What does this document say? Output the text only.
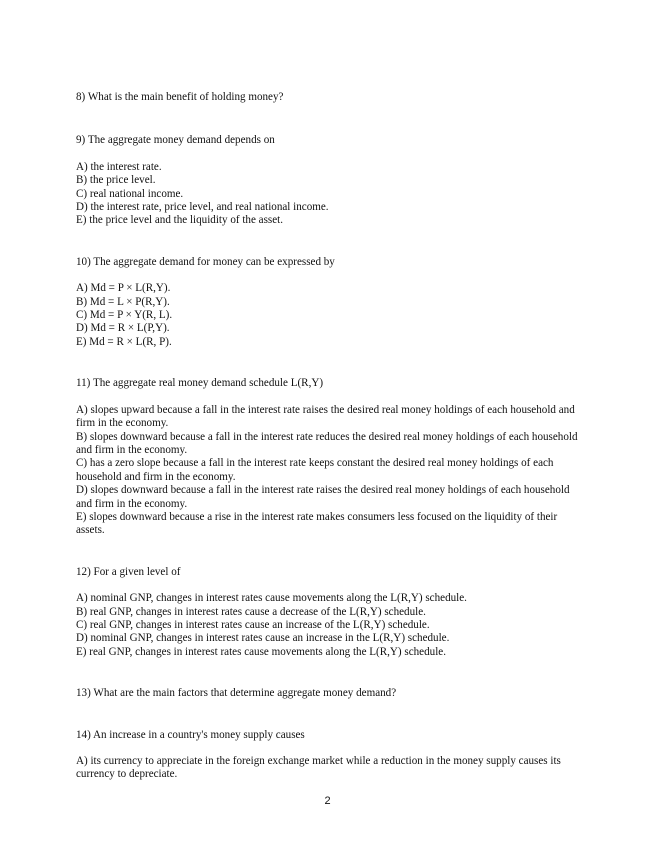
8) What is the main benefit of holding money?

9) The aggregate money demand depends on

A) the interest rate.
B) the price level.
C) real national income.
D) the interest rate, price level, and real national income.
E) the price level and the liquidity of the asset.

10) The aggregate demand for money can be expressed by

A) Md = P × L(R,Y).
B) Md = L × P(R,Y).
C) Md = P × Y(R, L).
D) Md = R × L(P,Y).
E) Md = R × L(R, P).

11) The aggregate real money demand schedule L(R,Y)

A) slopes upward because a fall in the interest rate raises the desired real money holdings of each household and firm in the economy.
B) slopes downward because a fall in the interest rate reduces the desired real money holdings of each household and firm in the economy.
C) has a zero slope because a fall in the interest rate keeps constant the desired real money holdings of each household and firm in the economy.
D) slopes downward because a fall in the interest rate raises the desired real money holdings of each household and firm in the economy.
E) slopes downward because a rise in the interest rate makes consumers less focused on the liquidity of their assets.

12) For a given level of

A) nominal GNP, changes in interest rates cause movements along the L(R,Y) schedule.
B) real GNP, changes in interest rates cause a decrease of the L(R,Y) schedule.
C) real GNP, changes in interest rates cause an increase of the L(R,Y) schedule.
D) nominal GNP, changes in interest rates cause an increase in the L(R,Y) schedule.
E) real GNP, changes in interest rates cause movements along the L(R,Y) schedule.

13) What are the main factors that determine aggregate money demand?

14) An increase in a country's money supply causes

A) its currency to appreciate in the foreign exchange market while a reduction in the money supply causes its currency to depreciate.
2
